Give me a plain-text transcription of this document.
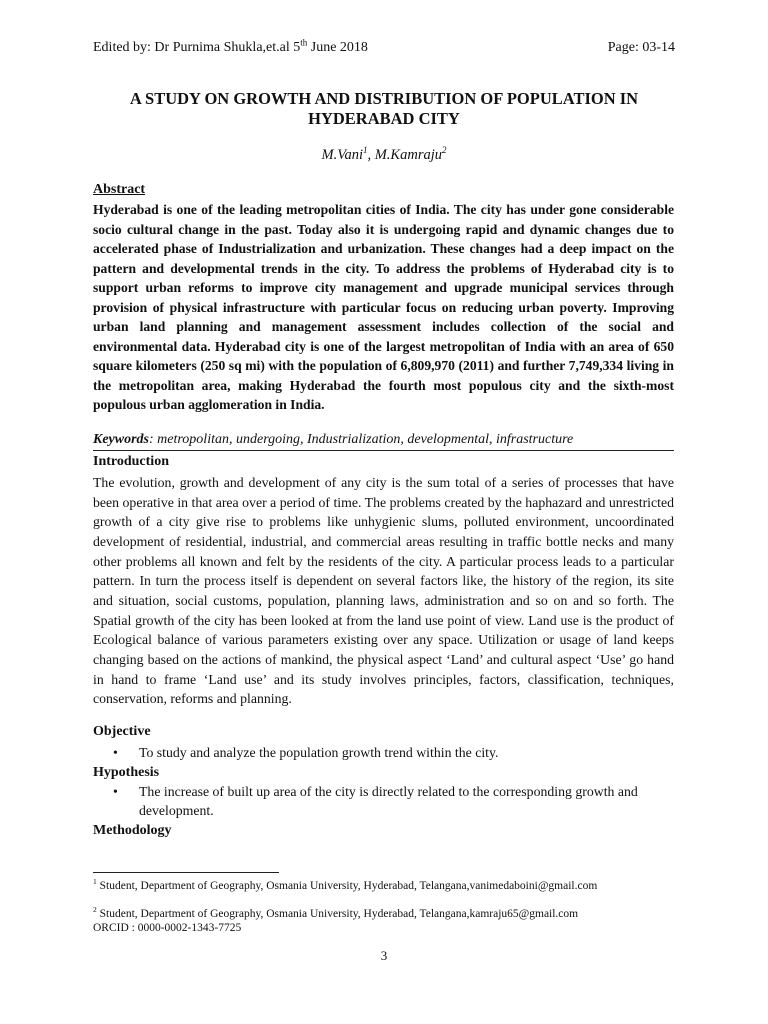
Edited by: Dr Purnima Shukla,et.al 5th June 2018	Page: 03-14
A STUDY ON GROWTH AND DISTRIBUTION OF POPULATION IN
HYDERABAD CITY
M.Vani$^1$, M.Kamraju$^2$
Abstract
Hyderabad is one of the leading metropolitan cities of India. The city has under gone considerable socio cultural change in the past. Today also it is undergoing rapid and dynamic changes due to accelerated phase of Industrialization and urbanization. These changes had a deep impact on the pattern and developmental trends in the city. To address the problems of Hyderabad city is to support urban reforms to improve city management and upgrade municipal services through provision of physical infrastructure with particular focus on reducing urban poverty. Improving urban land planning and management assessment includes collection of the social and environmental data. Hyderabad city is one of the largest metropolitan of India with an area of 650 square kilometers (250 sq mi) with the population of 6,809,970 (2011) and further 7,749,334 living in the metropolitan area, making Hyderabad the fourth most populous city and the sixth-most populous urban agglomeration in India.
Keywords: metropolitan, undergoing, Industrialization, developmental, infrastructure
Introduction
The evolution, growth and development of any city is the sum total of a series of processes that have been operative in that area over a period of time. The problems created by the haphazard and unrestricted growth of a city give rise to problems like unhygienic slums, polluted environment, uncoordinated development of residential, industrial, and commercial areas resulting in traffic bottle necks and many other problems all known and felt by the residents of the city. A particular process leads to a particular pattern. In turn the process itself is dependent on several factors like, the history of the region, its site and situation, social customs, population, planning laws, administration and so on and so forth. The Spatial growth of the city has been looked at from the land use point of view. Land use is the product of Ecological balance of various parameters existing over any space. Utilization or usage of land keeps changing based on the actions of mankind, the physical aspect ‘Land’ and cultural aspect ‘Use’ go hand in hand to frame ‘Land use’ and its study involves principles, factors, classification, techniques, conservation, reforms and planning.
Objective
• To study and analyze the population growth trend within the city.
Hypothesis
• The increase of built up area of the city is directly related to the corresponding growth and development.
Methodology
$^1$ Student, Department of Geography, Osmania University, Hyderabad, Telangana,vanimedaboini@gmail.com
$^2$ Student, Department of Geography, Osmania University, Hyderabad, Telangana,kamraju65@gmail.com
ORCID : 0000-0002-1343-7725
3
